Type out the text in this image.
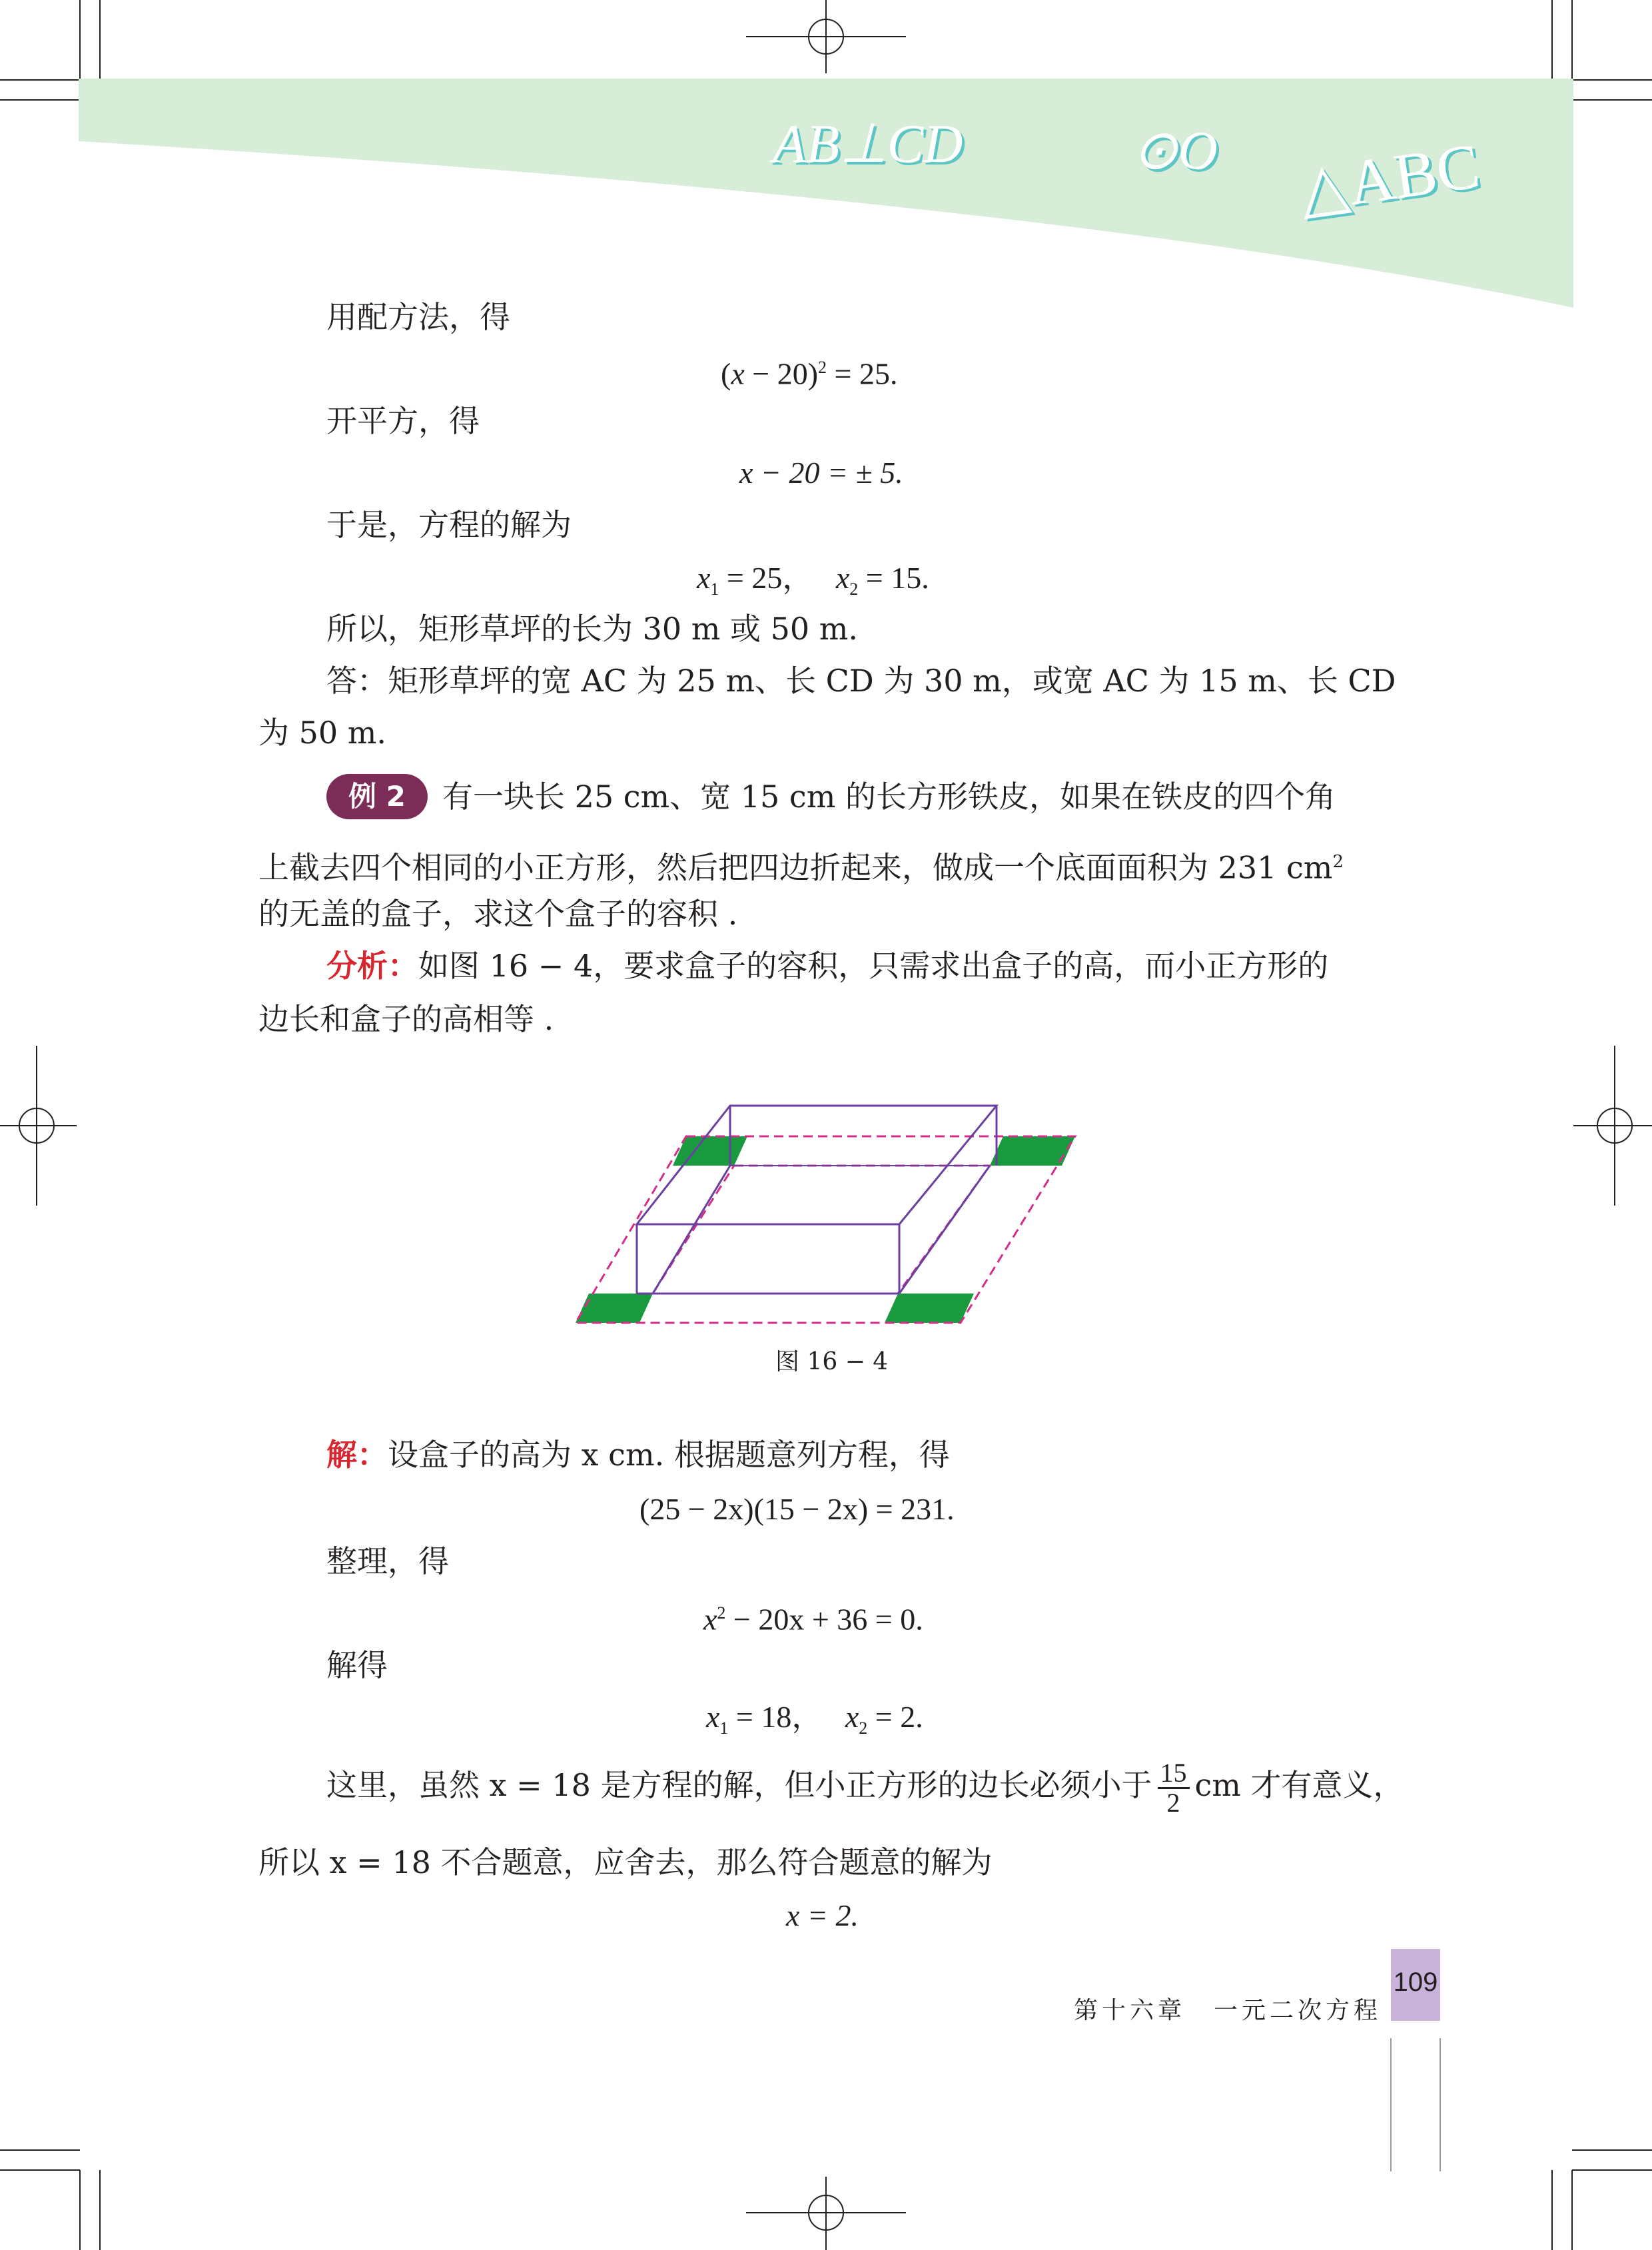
AB⊥CD	⊙O △ABC
用配方法，得
$(x - 20)^2 = 25$.
开平方，得
x − 20 = ± 5.
于是，方程的解为
$x_1 = 25$， $x_2 = 15$.
所以，矩形草坪的长为 30 m 或 50 m.
答：矩形草坪的宽 AC 为 25 m、长 CD 为 30 m，或宽 AC 为 15 m、长 CD
为 50 m.
例 2	有一块长 25 cm、宽 15 cm 的长方形铁皮，如果在铁皮的四个角
上截去四个相同的小正方形，然后把四边折起来，做成一个底面面积为 231 $cm^2$
的无盖的盒子，求这个盒子的容积 .
分析：如图 16 − 4，要求盒子的容积，只需求出盒子的高，而小正方形的
边长和盒子的高相等 .
图 16 − 4
解：设盒子的高为 x cm. 根据题意列方程，得
(25 − 2x)(15 − 2x) = 231.
整理，得
$x^2 - 20x + 36 = 0$.
解得
$x_1 = 18$， $x_2 = 2$.
这里，虽然 x = 18 是方程的解，但小正方形的边长必须小于 $\frac{15}{2}$ cm 才有意义，
所以 x = 18 不合题意，应舍去，那么符合题意的解为
x = 2.
第十六章　一元二次方程
109
